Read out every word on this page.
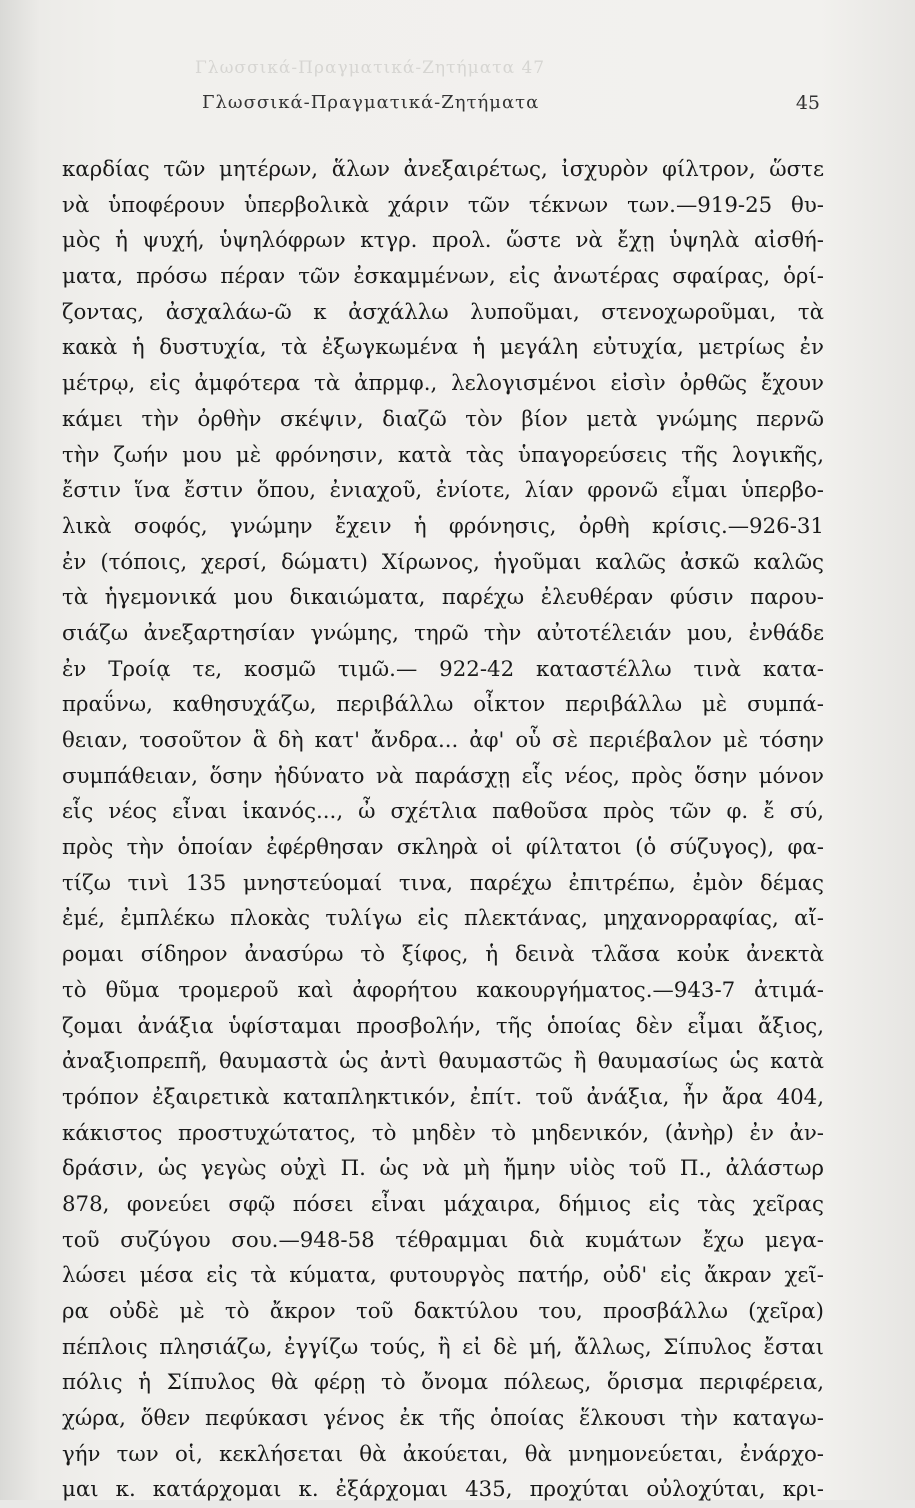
Γλωσσικά-Πραγματικά-Ζητήματα 47
Γλωσσικά-Πραγματικά-Ζητήματα	45
καρδίας τῶν μητέρων, ἅλων ἀνεξαιρέτως, ἰσχυρὸν φίλτρον, ὥστε
νὰ ὑποφέρουν ὑπερβολικὰ χάριν τῶν τέκνων των.—919-25 θυ-
μὸς ἡ ψυχή, ὑψηλόφρων κτγρ. προλ. ὥστε νὰ ἔχῃ ὑψηλὰ αἰσθή-
ματα, πρόσω πέραν τῶν ἐσκαμμένων, εἰς ἀνωτέρας σφαίρας, ὁρί-
ζοντας, ἀσχαλάω-ῶ κ ἀσχάλλω λυποῦμαι, στενοχωροῦμαι, τὰ
κακὰ ἡ δυστυχία, τὰ ἐξωγκωμένα ἡ μεγάλη εὐτυχία, μετρίως ἐν
μέτρῳ, εἰς ἀμφότερα τὰ ἀπρμφ., λελογισμένοι εἰσὶν ὀρθῶς ἔχουν
κάμει τὴν ὀρθὴν σκέψιν, διαζῶ τὸν βίον μετὰ γνώμης περνῶ
τὴν ζωήν μου μὲ φρόνησιν, κατὰ τὰς ὑπαγορεύσεις τῆς λογικῆς,
ἔστιν ἵνα ἔστιν ὅπου, ἐνιαχοῦ, ἐνίοτε, λίαν φρονῶ εἶμαι ὑπερβο-
λικὰ σοφός, γνώμην ἔχειν ἡ φρόνησις, ὀρθὴ κρίσις.—926-31
ἐν (τόποις, χερσί, δώματι) Χίρωνος, ἡγοῦμαι καλῶς ἀσκῶ καλῶς
τὰ ἡγεμονικά μου δικαιώματα, παρέχω ἐλευθέραν φύσιν παρου-
σιάζω ἀνεξαρτησίαν γνώμης, τηρῶ τὴν αὐτοτέλειάν μου, ἐνθάδε
ἐν Τροίᾳ τε, κοσμῶ τιμῶ.— 922-42 καταστέλλω τινὰ κατα-
πραΰνω, καθησυχάζω, περιβάλλω οἶκτον περιβάλλω μὲ συμπά-
θειαν, τοσοῦτον ἃ δὴ κατ' ἄνδρα... ἀφ' οὗ σὲ περιέβαλον μὲ τόσην
συμπάθειαν, ὅσην ἠδύνατο νὰ παράσχῃ εἷς νέος, πρὸς ὅσην μόνον
εἷς νέος εἶναι ἱκανός..., ὦ σχέτλια παθοῦσα πρὸς τῶν φ. ἔ σύ,
πρὸς τὴν ὁποίαν ἐφέρθησαν σκληρὰ οἱ φίλτατοι (ὁ σύζυγος), φα-
τίζω τινὶ 135 μνηστεύομαί τινα, παρέχω ἐπιτρέπω, ἐμὸν δέμας
ἐμέ, ἐμπλέκω πλοκὰς τυλίγω εἰς πλεκτάνας, μηχανορραφίας, αἴ-
ρομαι σίδηρον ἀνασύρω τὸ ξίφος, ἡ δεινὰ τλᾶσα κοὐκ ἀνεκτὰ
τὸ θῦμα τρομεροῦ καὶ ἀφορήτου κακουργήματος.—943-7 ἀτιμά-
ζομαι ἀνάξια ὑφίσταμαι προσβολήν, τῆς ὁποίας δὲν εἶμαι ἄξιος,
ἀναξιοπρεπῆ, θαυμαστὰ ὡς ἀντὶ θαυμαστῶς ἢ θαυμασίως ὡς κατὰ
τρόπον ἐξαιρετικὰ καταπληκτικόν, ἐπίτ. τοῦ ἀνάξια, ἦν ἄρα 404,
κάκιστος προστυχώτατος, τὸ μηδὲν τὸ μηδενικόν, (ἀνὴρ) ἐν ἀν-
δράσιν, ὡς γεγὼς οὐχὶ Π. ὡς νὰ μὴ ἤμην υἱὸς τοῦ Π., ἀλάστωρ
878, φονεύει σφῷ πόσει εἶναι μάχαιρα, δήμιος εἰς τὰς χεῖρας
τοῦ συζύγου σου.—948-58 τέθραμμαι διὰ κυμάτων ἔχω μεγα-
λώσει μέσα εἰς τὰ κύματα, φυτουργὸς πατήρ, οὐδ' εἰς ἄκραν χεῖ-
ρα οὐδὲ μὲ τὸ ἄκρον τοῦ δακτύλου του, προσβάλλω (χεῖρα)
πέπλοις πλησιάζω, ἐγγίζω τούς, ἢ εἰ δὲ μή, ἄλλως, Σίπυλος ἔσται
πόλις ἡ Σίπυλος θὰ φέρῃ τὸ ὄνομα πόλεως, ὅρισμα περιφέρεια,
χώρα, ὅθεν πεφύκασι γένος ἐκ τῆς ὁποίας ἕλκουσι τὴν καταγω-
γήν των οἱ, κεκλήσεται θὰ ἀκούεται, θὰ μνημονεύεται, ἐνάρχο-
μαι κ. κατάρχομαι κ. ἐξάρχομαι 435, προχύται οὐλοχύται, κρι-
